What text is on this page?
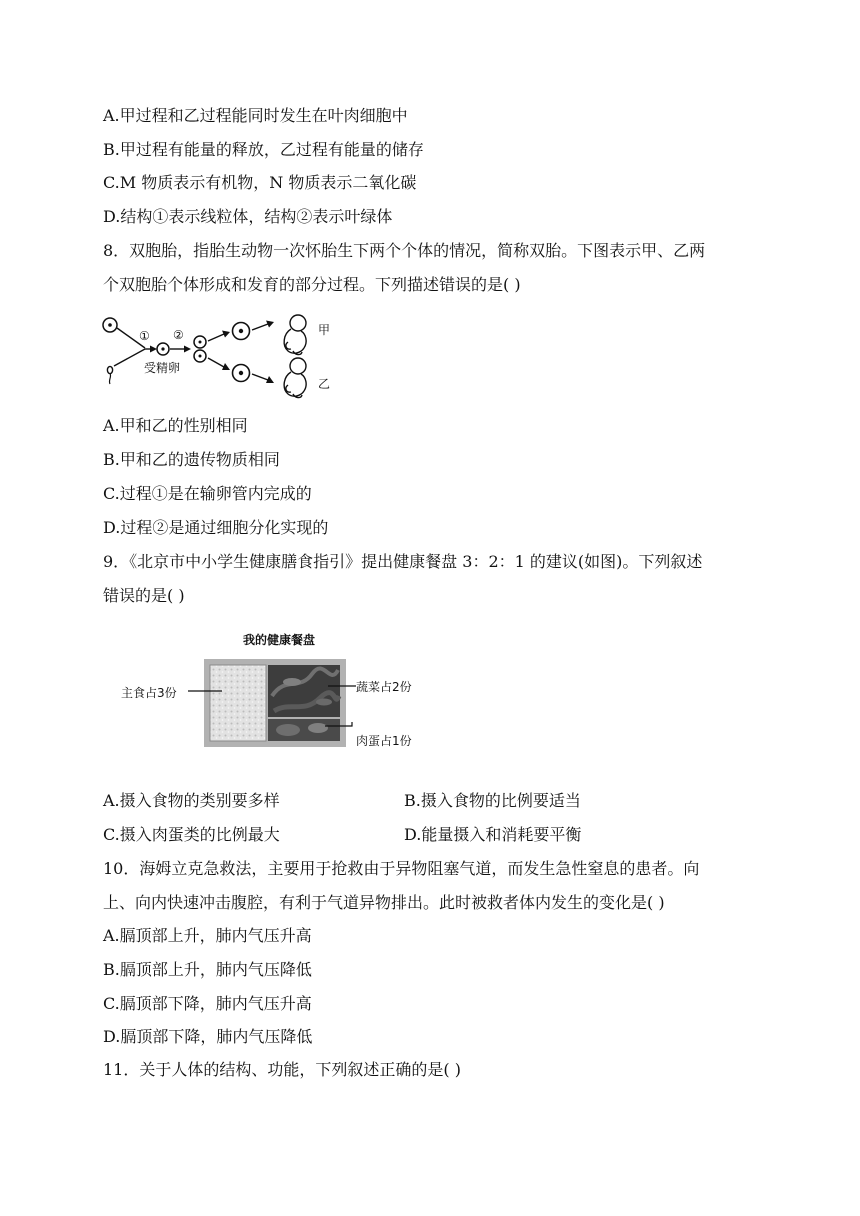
A.甲过程和乙过程能同时发生在叶肉细胞中
B.甲过程有能量的释放，乙过程有能量的储存
C.M 物质表示有机物，N 物质表示二氧化碳
D.结构①表示线粒体，结构②表示叶绿体
8．双胞胎，指胎生动物一次怀胎生下两个个体的情况，简称双胎。下图表示甲、乙两
个双胞胎个体形成和发育的部分过程。下列描述错误的是( )
① ②
受精卵
甲
乙
A.甲和乙的性别相同
B.甲和乙的遗传物质相同
C.过程①是在输卵管内完成的
D.过程②是通过细胞分化实现的
9．《北京市中小学生健康膳食指引》提出健康餐盘 3：2：1 的建议(如图)。下列叙述
错误的是( )
我的健康餐盘
主食占3份	蔬菜占2份
肉蛋占1份
A.摄入食物的类别要多样	B.摄入食物的比例要适当
C.摄入肉蛋类的比例最大	D.能量摄入和消耗要平衡
10．海姆立克急救法，主要用于抢救由于异物阻塞气道，而发生急性窒息的患者。向
上、向内快速冲击腹腔，有利于气道异物排出。此时被救者体内发生的变化是( )
A.膈顶部上升，肺内气压升高
B.膈顶部上升，肺内气压降低
C.膈顶部下降，肺内气压升高
D.膈顶部下降，肺内气压降低
11．关于人体的结构、功能，下列叙述正确的是( )
